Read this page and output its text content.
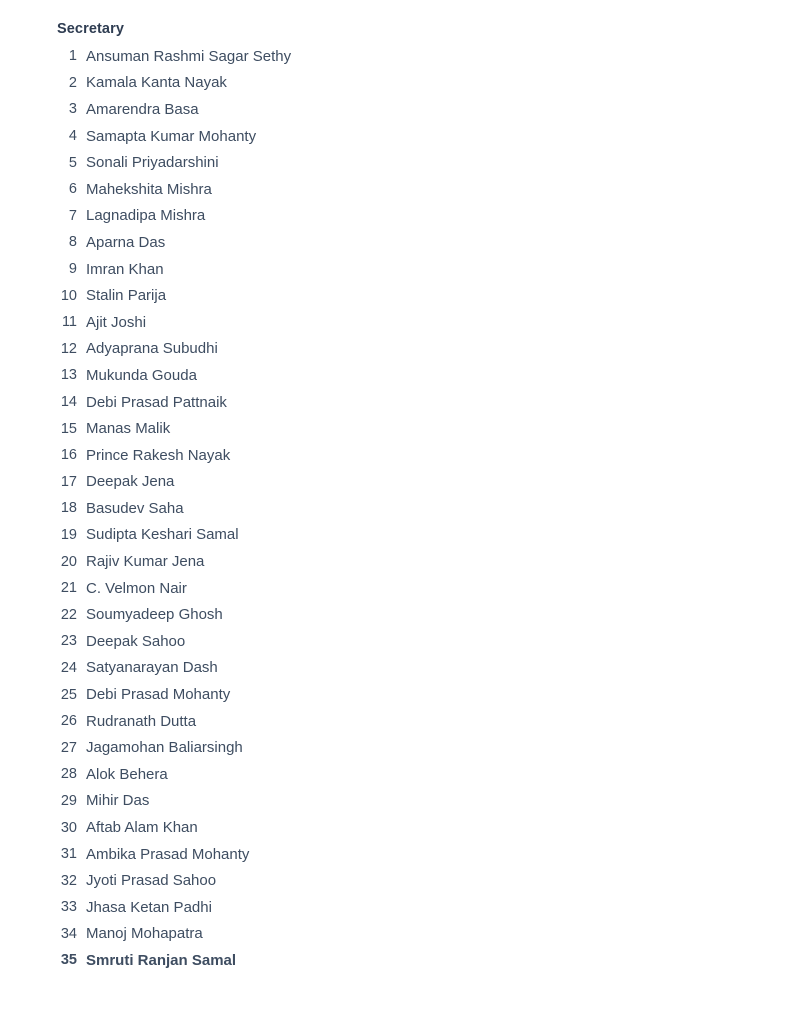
Secretary
1 Ansuman Rashmi Sagar Sethy
2 Kamala Kanta Nayak
3 Amarendra Basa
4 Samapta Kumar Mohanty
5 Sonali Priyadarshini
6 Mahekshita Mishra
7 Lagnadipa Mishra
8 Aparna Das
9 Imran Khan
10 Stalin Parija
11 Ajit Joshi
12 Adyaprana Subudhi
13 Mukunda Gouda
14 Debi Prasad Pattnaik
15 Manas Malik
16 Prince Rakesh Nayak
17 Deepak Jena
18 Basudev Saha
19 Sudipta Keshari Samal
20 Rajiv Kumar Jena
21 C. Velmon Nair
22 Soumyadeep Ghosh
23 Deepak Sahoo
24 Satyanarayan Dash
25 Debi Prasad Mohanty
26 Rudranath Dutta
27 Jagamohan Baliarsingh
28 Alok Behera
29 Mihir Das
30 Aftab Alam Khan
31 Ambika Prasad Mohanty
32 Jyoti Prasad Sahoo
33 Jhasa Ketan Padhi
34 Manoj Mohapatra
35 Smruti Ranjan Samal
